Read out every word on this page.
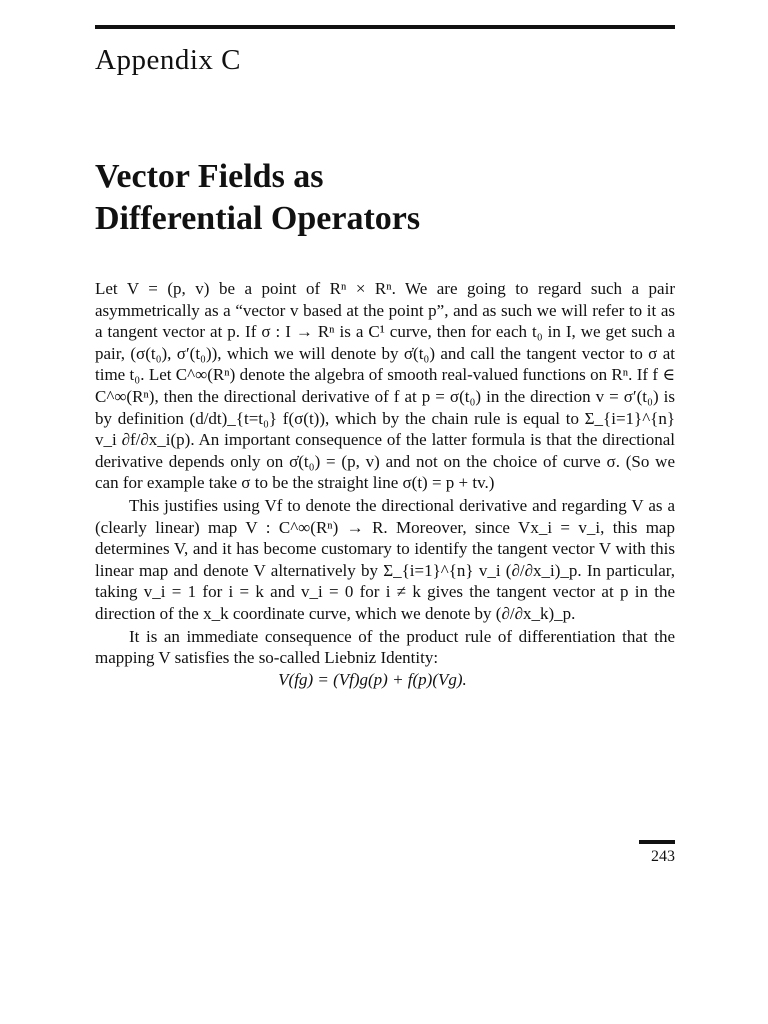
Appendix C
Vector Fields as
Differential Operators

Let V = (p, v) be a point of Rⁿ × Rⁿ. We are going to regard such a pair asymmetrically as a “vector v based at the point p”, and as such we will refer to it as a tangent vector at p. If σ : I → Rⁿ is a C¹ curve, then for each t₀ in I, we get such a pair, (σ(t₀), σ′(t₀)), which we will denote by σ̇(t₀) and call the tangent vector to σ at time t₀. Let C^∞(Rⁿ) denote the algebra of smooth real-valued functions on Rⁿ. If f ∈ C^∞(Rⁿ), then the directional derivative of f at p = σ(t₀) in the direction v = σ′(t₀) is by definition (d/dt)_{t=t₀} f(σ(t)), which by the chain rule is equal to Σ_{i=1}^{n} v_i ∂f/∂x_i(p). An important consequence of the latter formula is that the directional derivative depends only on σ̇(t₀) = (p, v) and not on the choice of curve σ. (So we can for example take σ to be the straight line σ(t) = p + tv.)

This justifies using Vf to denote the directional derivative and regarding V as a (clearly linear) map V : C^∞(Rⁿ) → R. Moreover, since Vx_i = v_i, this map determines V, and it has become customary to identify the tangent vector V with this linear map and denote V alternatively by Σ_{i=1}^{n} v_i (∂/∂x_i)_p. In particular, taking v_i = 1 for i = k and v_i = 0 for i ≠ k gives the tangent vector at p in the direction of the x_k coordinate curve, which we denote by (∂/∂x_k)_p.

It is an immediate consequence of the product rule of differentiation that the mapping V satisfies the so-called Liebniz Identity:

V(fg) = (Vf)g(p) + f(p)(Vg).

243
